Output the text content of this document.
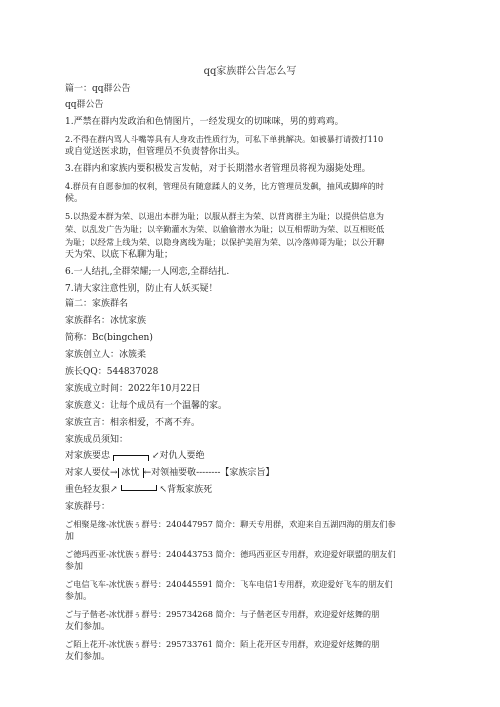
qq家族群公告怎么写
篇一：qq群公告
qq群公告
1.严禁在群内发政治和色情图片，一经发现女的切咪咪，男的剪鸡鸡。
2.不得在群内骂人斗嘴等具有人身攻击性质行为，可私下单挑解决。如被暴打请拨打110
或自觉送医求助，但管理员不负责替你出头。
3.在群内和家族内要积极发言发帖，对于长期潜水者管理员将视为溺毙处理。
4.群员有自愿参加的权利，管理员有随意蹂人的义务，比方管理员发飙，抽风或脚痒的时
候。
5.以热爱本群为荣、以退出本群为耻；以服从群主为荣、以背离群主为耻；以提供信息为
荣、以乱发广告为耻；以辛勤灌水为荣、以偷偷潜水为耻；以互相帮助为荣、以互相贬低
为耻；以经常上线为荣、以隐身离线为耻；以保护美眉为荣、以冷落帅哥为耻；以公开聊
天为荣、以底下私聊为耻；
6.一人结扎,全群荣耀;一人网恋,全群结扎.
7.请大家注意性别，防止有人妖买疑！
篇二：家族群名
家族群名：冰忧家族
简称：Bc(bingchen)
家族创立人：冰簇柔
族长QQ：544837028
家族成立时间：2022年10月22日
家族意义：让每个成员有一个温馨的家。
家族宣言：相亲相爱，不离不弃。
家族成员须知：
对家族要忠	↙对仇人要绝
对家人要仗→ 冰忧 ←对领袖要敬--------【家族宗旨】
重色轻友狠↗	↖背叛家族死
家族群号：
ご相聚是缘-冰忧族ぅ群号：240447957 简介：聊天专用群，欢迎来自五湖四海的朋友们参
加
ご德玛西亚-冰忧族ぅ群号：240443753 简介：德玛西亚区专用群，欢迎爱好联盟的朋友们
参加
ご电信飞车-冰忧族ぅ群号：240445591 简介：飞车电信1专用群，欢迎爱好飞车的朋友们
参加。
ご与子偕老-冰忧群ぅ群号：295734268 简介：与子偕老区专用群，欢迎爱好炫舞的朋
友们参加。
ご陌上花开-冰忧族ぅ群号：295733761 简介：陌上花开区专用群，欢迎爱好炫舞的朋
友们参加。
